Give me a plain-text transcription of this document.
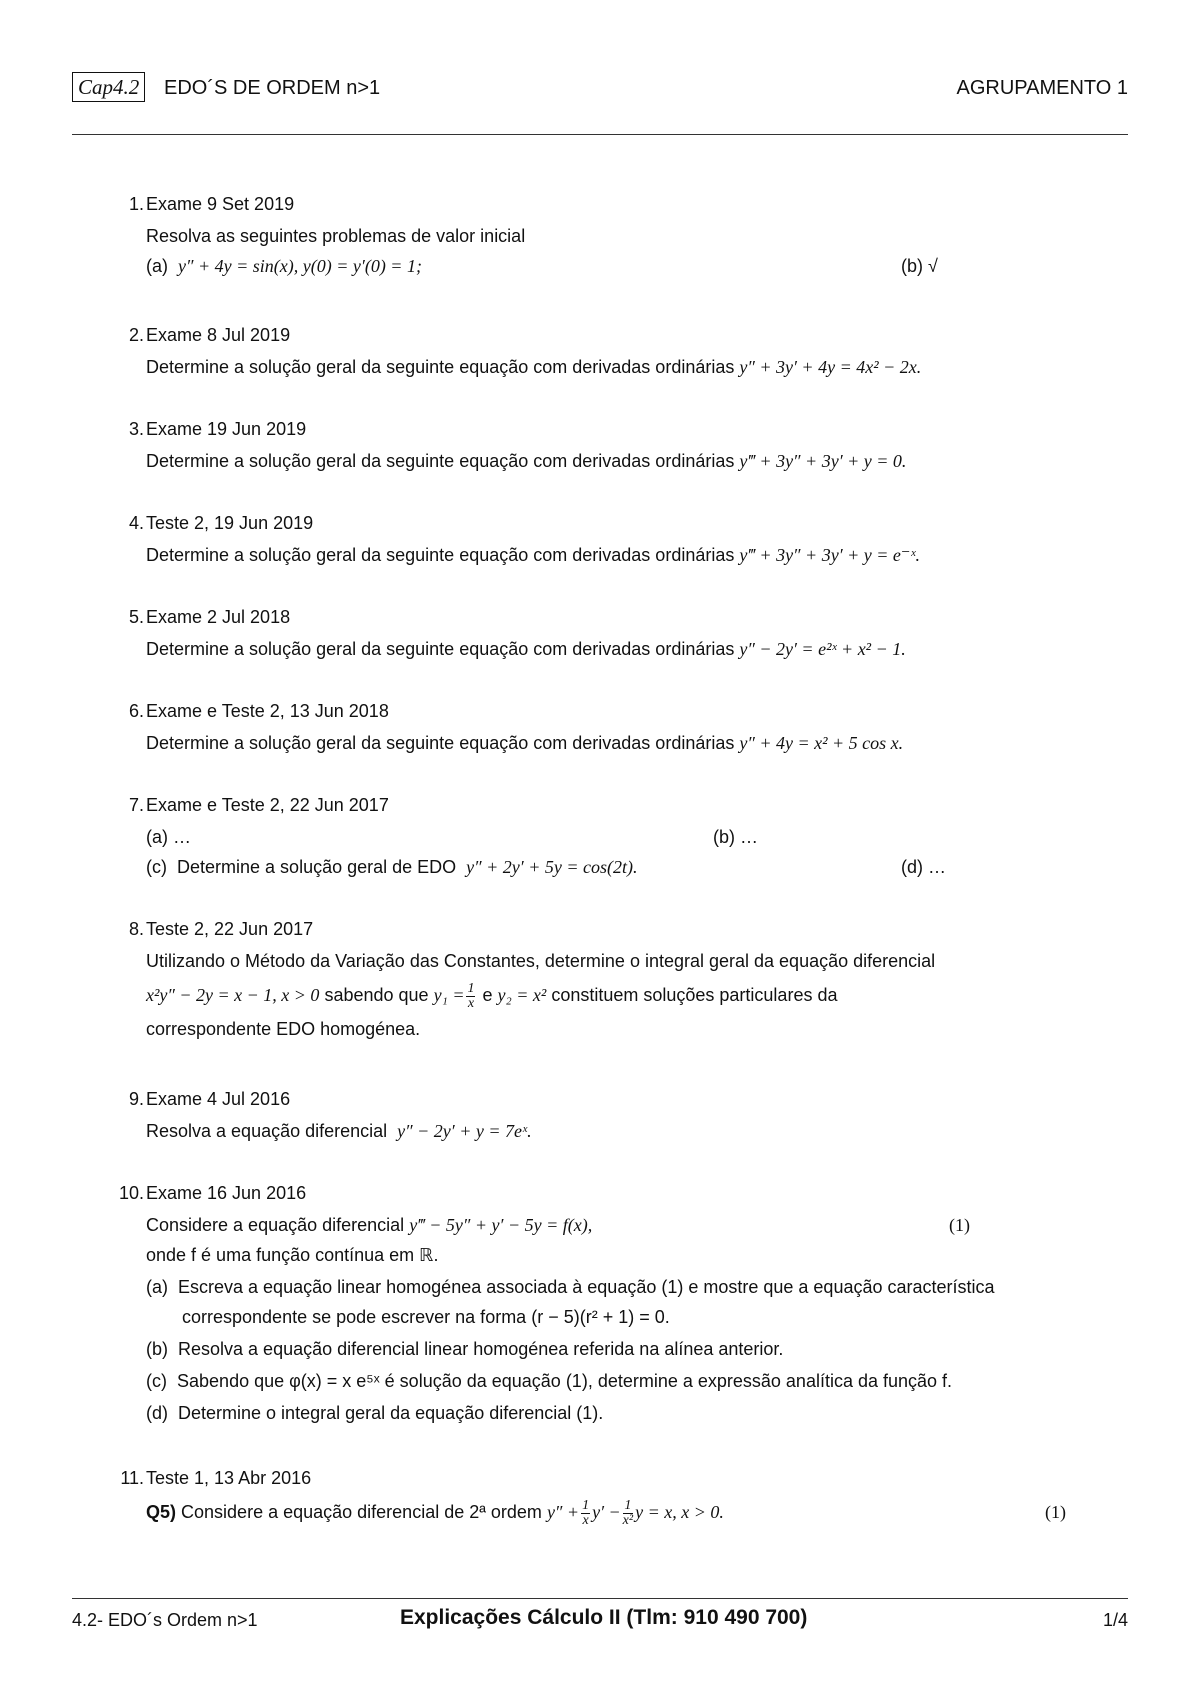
Cap4.2	EDO´S DE ORDEM n>1	AGRUPAMENTO 1
1. Exame 9 Set 2019
Resolva as seguintes problemas de valor inicial
(a) y″ + 4y = sin(x), y(0) = y′(0) = 1;	(b) √
2. Exame 8 Jul 2019
Determine a solução geral da seguinte equação com derivadas ordinárias y″ + 3y′ + 4y = 4x² − 2x.
3. Exame 19 Jun 2019
Determine a solução geral da seguinte equação com derivadas ordinárias y‴ + 3y″ + 3y′ + y = 0.
4. Teste 2, 19 Jun 2019
Determine a solução geral da seguinte equação com derivadas ordinárias y‴ + 3y″ + 3y′ + y = e⁻ˣ.
5. Exame 2 Jul 2018
Determine a solução geral da seguinte equação com derivadas ordinárias y″ − 2y′ = e²ˣ + x² − 1.
6. Exame e Teste 2, 13 Jun 2018
Determine a solução geral da seguinte equação com derivadas ordinárias y″ + 4y = x² + 5 cos x.
7. Exame e Teste 2, 22 Jun 2017
(a) …	(b) …
(c) Determine a solução geral de EDO y″ + 2y′ + 5y = cos(2t).	(d) …
8. Teste 2, 22 Jun 2017
Utilizando o Método da Variação das Constantes, determine o integral geral da equação diferencial
x²y″ − 2y = x − 1, x > 0 sabendo que $y_1 = \frac{1}{x}$ e y₂ = x² constituem soluções particulares da
correspondente EDO homogénea.
9. Exame 4 Jul 2016
Resolva a equação diferencial y″ − 2y′ + y = 7eˣ.
10. Exame 16 Jun 2016
Considere a equação diferencial y‴ − 5y″ + y′ − 5y = f(x),	(1)
onde f é uma função contínua em ℝ.
(a) Escreva a equação linear homogénea associada à equação (1) e mostre que a equação característica
correspondente se pode escrever na forma (r − 5)(r² + 1) = 0.
(b) Resolva a equação diferencial linear homogénea referida na alínea anterior.
(c) Sabendo que φ(x) = x e⁵ˣ é solução da equação (1), determine a expressão analítica da função f.
(d) Determine o integral geral da equação diferencial (1).
11. Teste 1, 13 Abr 2016
Q5) Considere a equação diferencial de 2ª ordem $y'' + \frac{1}{x} y' - \frac{1}{\text{x²}}$ y = x, x > 0.	(1)
4.2- EDO´s Ordem n>1	Explicações Cálculo II (Tlm: 910 490 700)	1/4
